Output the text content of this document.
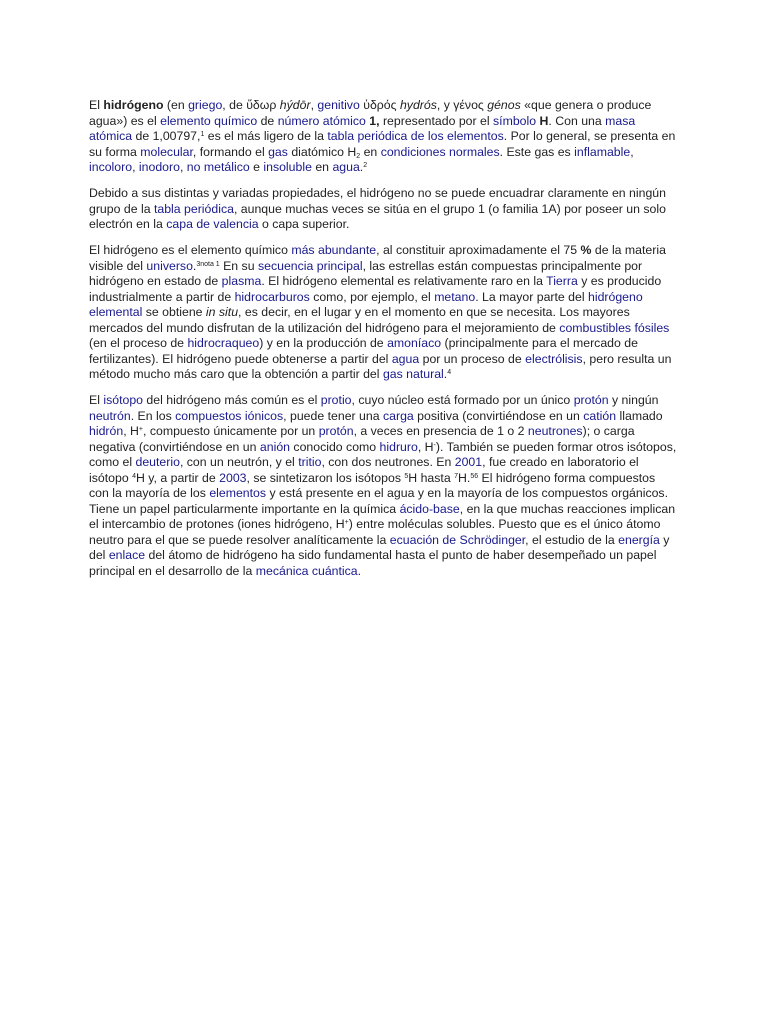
El hidrógeno (en griego, de ὕδωρ hýdōr, genitivo ὑδρός hydrós, y γένος génos «que genera o produce agua») es el elemento químico de número atómico 1, representado por el símbolo H. Con una masa atómica de 1,00797,$^1$ es el más ligero de la tabla periódica de los elementos. Por lo general, se presenta en su forma molecular, formando el gas diatómico $H_2$ en condiciones normales. Este gas es inflamable, incoloro, inodoro, no metálico e insoluble en agua.$^2$

Debido a sus distintas y variadas propiedades, el hidrógeno no se puede encuadrar claramente en ningún grupo de la tabla periódica, aunque muchas veces se sitúa en el grupo 1 (o familia 1A) por poseer un solo electrón en la capa de valencia o capa superior.

El hidrógeno es el elemento químico más abundante, al constituir aproximadamente el 75 % de la materia visible del universo.$^{3nota 1}$ En su secuencia principal, las estrellas están compuestas principalmente por hidrógeno en estado de plasma. El hidrógeno elemental es relativamente raro en la Tierra y es producido industrialmente a partir de hidrocarburos como, por ejemplo, el metano. La mayor parte del hidrógeno elemental se obtiene in situ, es decir, en el lugar y en el momento en que se necesita. Los mayores mercados del mundo disfrutan de la utilización del hidrógeno para el mejoramiento de combustibles fósiles (en el proceso de hidrocraqueo) y en la producción de amoníaco (principalmente para el mercado de fertilizantes). El hidrógeno puede obtenerse a partir del agua por un proceso de electrólisis, pero resulta un método mucho más caro que la obtención a partir del gas natural.$^4$

El isótopo del hidrógeno más común es el protio, cuyo núcleo está formado por un único protón y ningún neutrón. En los compuestos iónicos, puede tener una carga positiva (convirtiéndose en un catión llamado hidrón, H+, compuesto únicamente por un protón, a veces en presencia de 1 o 2 neutrones); o carga negativa (convirtiéndose en un anión conocido como hidruro, H-). También se pueden formar otros isótopos, como el deuterio, con un neutrón, y el tritio, con dos neutrones. En 2001, fue creado en laboratorio el isótopo $^4$H y, a partir de 2003, se sintetizaron los isótopos $^5$H hasta $^7$H.$^{56}$ El hidrógeno forma compuestos con la mayoría de los elementos y está presente en el agua y en la mayoría de los compuestos orgánicos. Tiene un papel particularmente importante en la química ácido-base, en la que muchas reacciones implican el intercambio de protones (iones hidrógeno, H+) entre moléculas solubles. Puesto que es el único átomo neutro para el que se puede resolver analíticamente la ecuación de Schrödinger, el estudio de la energía y del enlace del átomo de hidrógeno ha sido fundamental hasta el punto de haber desempeñado un papel principal en el desarrollo de la mecánica cuántica.
